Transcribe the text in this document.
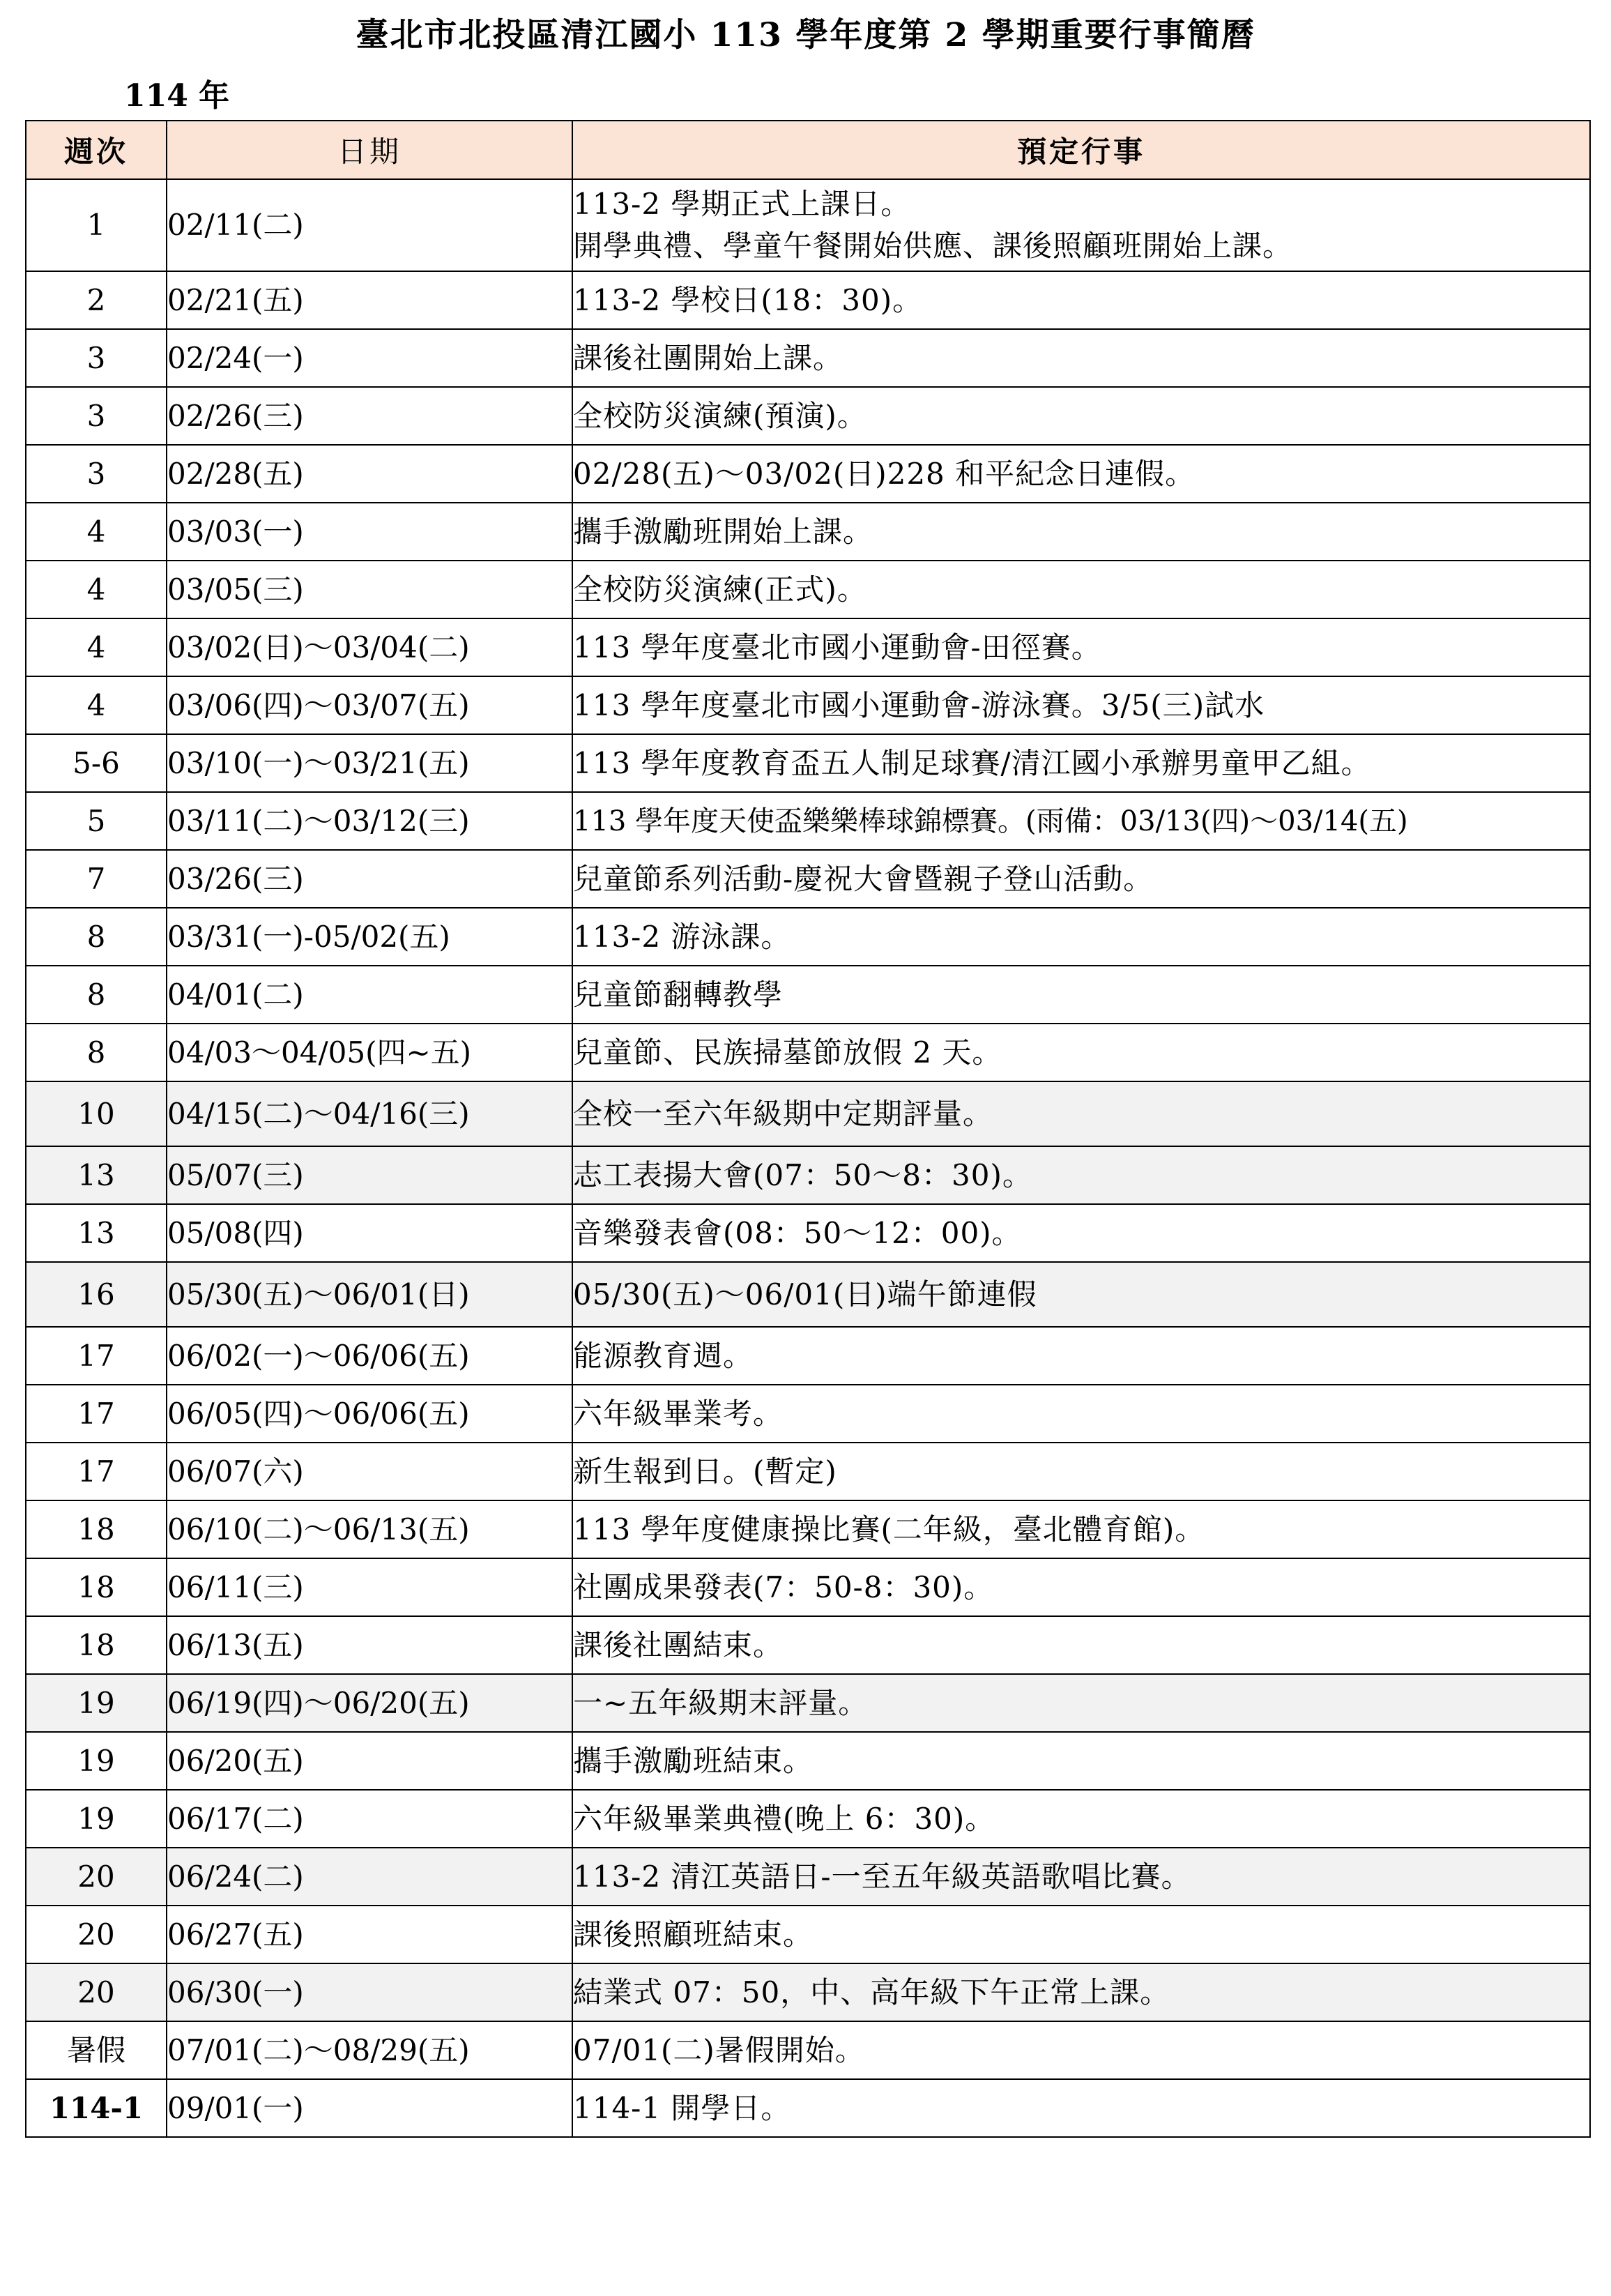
臺北市北投區清江國小 113 學年度第 2 學期重要行事簡曆
114 年
週次	日期	預定行事
1	02/11(二)	113-2 學期正式上課日。
開學典禮、學童午餐開始供應、課後照顧班開始上課。

2	02/21(五)	113-2 學校日(18：30)。
3	02/24(一)	課後社團開始上課。
3	02/26(三)	全校防災演練(預演)。
3	02/28(五)	02/28(五)～03/02(日)228 和平紀念日連假。
4	03/03(一)	攜手激勵班開始上課。
4	03/05(三)	全校防災演練(正式)。
4	03/02(日)～03/04(二)	113 學年度臺北市國小運動會-田徑賽。
4	03/06(四)～03/07(五)	113 學年度臺北市國小運動會-游泳賽。3/5(三)試水
5-6	03/10(一)～03/21(五)	113 學年度教育盃五人制足球賽/清江國小承辦男童甲乙組。
5	03/11(二)～03/12(三)	113 學年度天使盃樂樂棒球錦標賽。(雨備：03/13(四)～03/14(五)
7	03/26(三)	兒童節系列活動-慶祝大會暨親子登山活動。
8	03/31(一)-05/02(五)	113-2 游泳課。
8	04/01(二)	兒童節翻轉教學
8	04/03～04/05(四~五)	兒童節、民族掃墓節放假 2 天。
10	04/15(二)～04/16(三)	全校一至六年級期中定期評量。
13	05/07(三)	志工表揚大會(07：50～8：30)。
13	05/08(四)	音樂發表會(08：50～12：00)。
16	05/30(五)～06/01(日)	05/30(五)～06/01(日)端午節連假
17	06/02(一)～06/06(五)	能源教育週。
17	06/05(四)～06/06(五)	六年級畢業考。
17	06/07(六)	新生報到日。(暫定)
18	06/10(二)～06/13(五)	113 學年度健康操比賽(二年級，臺北體育館)。
18	06/11(三)	社團成果發表(7：50-8：30)。
18	06/13(五)	課後社團結束。
19	06/19(四)～06/20(五)	一~五年級期末評量。
19	06/20(五)	攜手激勵班結束。
19	06/17(二)	六年級畢業典禮(晚上 6：30)。
20	06/24(二)	113-2 清江英語日-一至五年級英語歌唱比賽。
20	06/27(五)	課後照顧班結束。
20	06/30(一)	結業式 07：50，中、高年級下午正常上課。
暑假	07/01(二)～08/29(五)	07/01(二)暑假開始。
114-1	09/01(一)	114-1 開學日。
